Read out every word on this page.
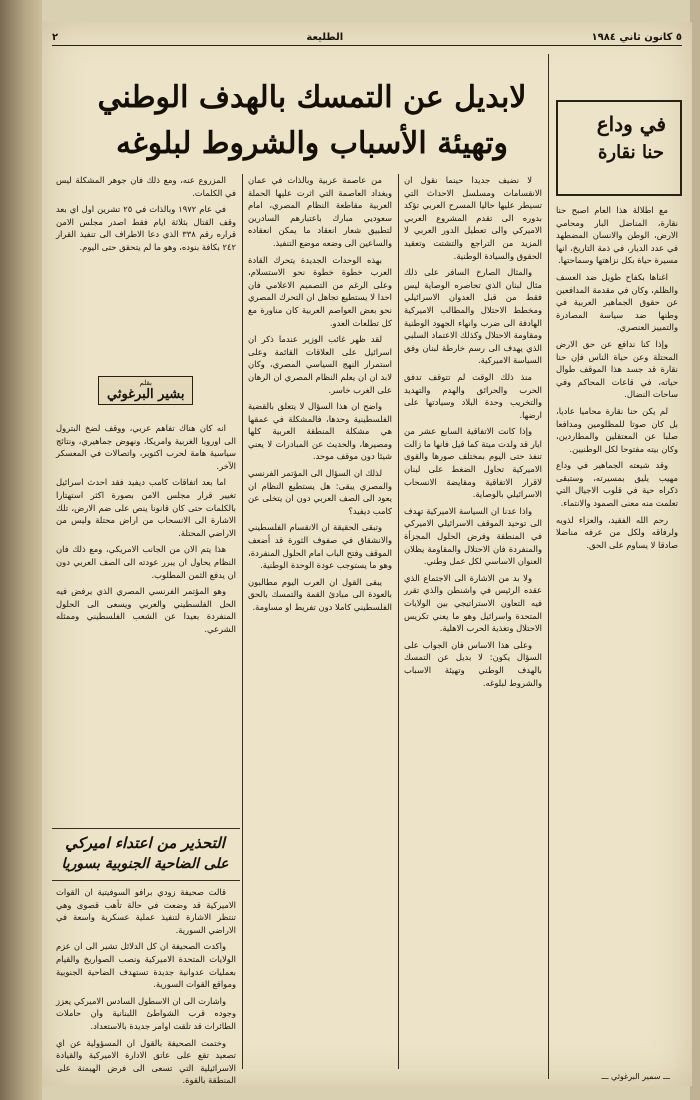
٥ كانون ثاني ١٩٨٤
الطليعة
٢
في وداع
حنا نقارة

مع اطلالة هذا العام اصبح حنا نقارة، المناضل البار ومحامي الارض، الوطن والانسان المضطهد في عدد الديار، في ذمة التاريخ، انها مسيرة حياة بكل نزاهتها وسماحتها.

اغناها بكفاح طويل ضد العسف والظلم، وكان في مقدمة المدافعين عن حقوق الجماهير العربية في وطنها ضد سياسة المصادرة والتمييز العنصري.

وإذا كنا ندافع عن حق الارض المحتلة وعن حياة الناس فإن حنا نقارة قد جسد هذا الموقف طوال حياته، في قاعات المحاكم وفي ساحات النضال.

لم يكن حنا نقارة محاميا عاديا، بل كان صوتا للمظلومين ومدافعا صلبا عن المعتقلين والمطاردين، وكان بيته مفتوحا لكل الوطنيين.

وقد شيعته الجماهير في وداع مهيب يليق بمسيرته، وستبقى ذكراه حية في قلوب الاجيال التي تعلمت منه معنى الصمود والانتماء.

رحم الله الفقيد، والعزاء لذويه ولرفاقه ولكل من عرفه مناضلا صادقا لا يساوم على الحق.

ـــ سمير البرغوثي ـــ
لابديل عن التمسك بالهدف الوطني
وتهيئة الأسباب والشروط لبلوغه

لا نضيف جديدا حينما نقول ان الانقسامات ومسلسل الاحداث التي تسيطر عليها حاليا المسرح العربي تؤكد بدوره الى تقدم المشروع العربي الاميركي والى تعطيل الدور العربي لا المزيد من التراجع والتشتت وتعقيد الحقوق والسيادة الوطنية.

والمثال الصارخ السافر على ذلك مثال لبنان الذي تحاصره الوصاية ليس فقط من قبل العدوان الاسرائيلي ومخطط الاحتلال والمطالب الاميركية الهادفة الى ضرب وانهاء الجهود الوطنية ومقاومة الاحتلال وكذلك الاعتماد السلبي الذي يهدف الى رسم خارطة لبنان وفق السياسة الاميركية.

منذ ذلك الوقت لم تتوقف تدفق الحرب والحرائق والهدم والتهديد والتخريب وحدة البلاد وسيادتها على ارضها.

وإذا كانت الاتفاقية السابع عشر من ايار قد ولدت ميتة كما قيل فانها ما زالت تنفذ حتى اليوم بمختلف صورها والقوى الاميركية تحاول الضغط على لبنان لاقرار الاتفاقية ومقايضة الانسحاب الاسرائيلي بالوصاية.

واذا عدنا ان السياسة الاميركية تهدف الى توحيد الموقف الاسرائيلي الاميركي في المنطقة وفرض الحلول المجزأة والمنفردة فان الاحتلال والمقاومة يظلان العنوان الاساسي لكل عمل وطني.

ولا بد من الاشارة الى الاجتماع الذي عقده الرئيس في واشنطن والذي تقرر فيه التعاون الاستراتيجي بين الولايات المتحدة واسرائيل وهو ما يعني تكريس الاحتلال وتغذية الحرب الاهلية.

وعلى هذا الاساس فان الجواب على السؤال يكون: لا بديل عن التمسك بالهدف الوطني وتهيئة الاسباب والشروط لبلوغه.

من عاصمة عربية وبالذات في عمان وبغداد العاصمة التي اثرت عليها الحملة العربية مقاطعة النظام المصري، امام سعوديي مبارك باعتبارهم السادرين لتطبيق شعار انعقاد ما يمكن انعقاده والساعين الى وضعه موضع التنفيذ.

بهذه الوحدات الجديدة يتحرك القادة العرب خطوة خطوة نحو الاستسلام، وعلى الرغم من التصميم الاعلامي فان احدا لا يستطيع تجاهل ان التحرك المصري نحو بعض العواصم العربية كان مناورة مع كل تطلعات العدو.

لقد ظهر غائب الوزير عندما ذكر ان اسرائيل على العلاقات القائمة وعلى استمرار النهج السياسي المصري، وكان لابد ان ان يعلم النظام المصري ان الرهان على الغرب خاسر.

واضح ان هذا السؤال لا يتعلق بالقضية الفلسطينية وحدها، فالمشكلة في عمقها هي مشكلة المنطقة العربية كلها ومصيرها، والحديث عن المبادرات لا يعني شيئا دون موقف موحد.

لذلك ان السؤال الى المؤتمر الفرنسي والمصري يبقى: هل يستطيع النظام ان يعود الى الصف العربي دون ان يتخلى عن كامب ديفيد؟

وتبقى الحقيقة ان الانقسام الفلسطيني والانشقاق في صفوف الثورة قد أضعف الموقف وفتح الباب امام الحلول المنفردة، وهو ما يستوجب عودة الوحدة الوطنية.

يبقى القول ان العرب اليوم مطالبون بالعودة الى مبادئ القمة والتمسك بالحق الفلسطيني كاملا دون تفريط او مساومة.

المزروع عنه، ومع ذلك فان جوهر المشكلة ليس في الكلمات.

في عام ١٩٧٢ وبالذات في ٢٥ تشرين اول اي بعد وقف القتال بثلاثة ايام فقط اصدر مجلس الامن قراره رقم ٣٣٨ الذي دعا الاطراف الى تنفيذ القرار ٢٤٢ بكافة بنوده، وهو ما لم يتحقق حتى اليوم.

بقلم
بشير البرغوثي

انه كان هناك تفاهم عربي، ووقف لضخ البترول الى اوروبا الغربية وامريكا، ونهوض جماهيري، ونتائج سياسية هامة لحرب اكتوبر، واتصالات في المعسكر الآخر.

اما بعد اتفاقات كامب ديفيد فقد احدث اسرائيل تغيير قرار مجلس الامن بصورة اكثر استهتارا بالكلمات حتى كان قانونا ينص على ضم الارض، تلك الاشارة الى الانسحاب من اراض محتلة وليس من الاراضي المحتلة.

هذا يتم الان من الجانب الامريكي، ومع ذلك فان النظام يحاول ان يبرر عودته الى الصف العربي دون ان يدفع الثمن المطلوب.

وهو المؤتمر الفرنسي المصري الذي يرفض فيه الحل الفلسطيني والعربي ويسعى الى الحلول المنفردة بعيدا عن الشعب الفلسطيني وممثله الشرعي.

التحذير من اعتداء اميركي
على الضاحية الجنوبية بسوريا

قالت صحيفة زودي برافو السوفيتية ان القوات الاميركية قد وضعت في حالة تأهب قصوى وهي تنتظر الاشارة لتنفيذ عملية عسكرية واسعة في الاراضي السورية.

واكدت الصحيفة ان كل الدلائل تشير الى ان عزم الولايات المتحدة الاميركية ونصب الصواريخ والقيام بعمليات عدوانية جديدة تستهدف الضاحية الجنوبية ومواقع القوات السورية.

واشارت الى ان الاسطول السادس الاميركي يعزز وجوده قرب الشواطئ اللبنانية وان حاملات الطائرات قد تلقت اوامر جديدة بالاستعداد.

وختمت الصحيفة بالقول ان المسؤولية عن اي تصعيد تقع على عاتق الادارة الاميركية والقيادة الاسرائيلية التي تسعى الى فرض الهيمنة على المنطقة بالقوة.
